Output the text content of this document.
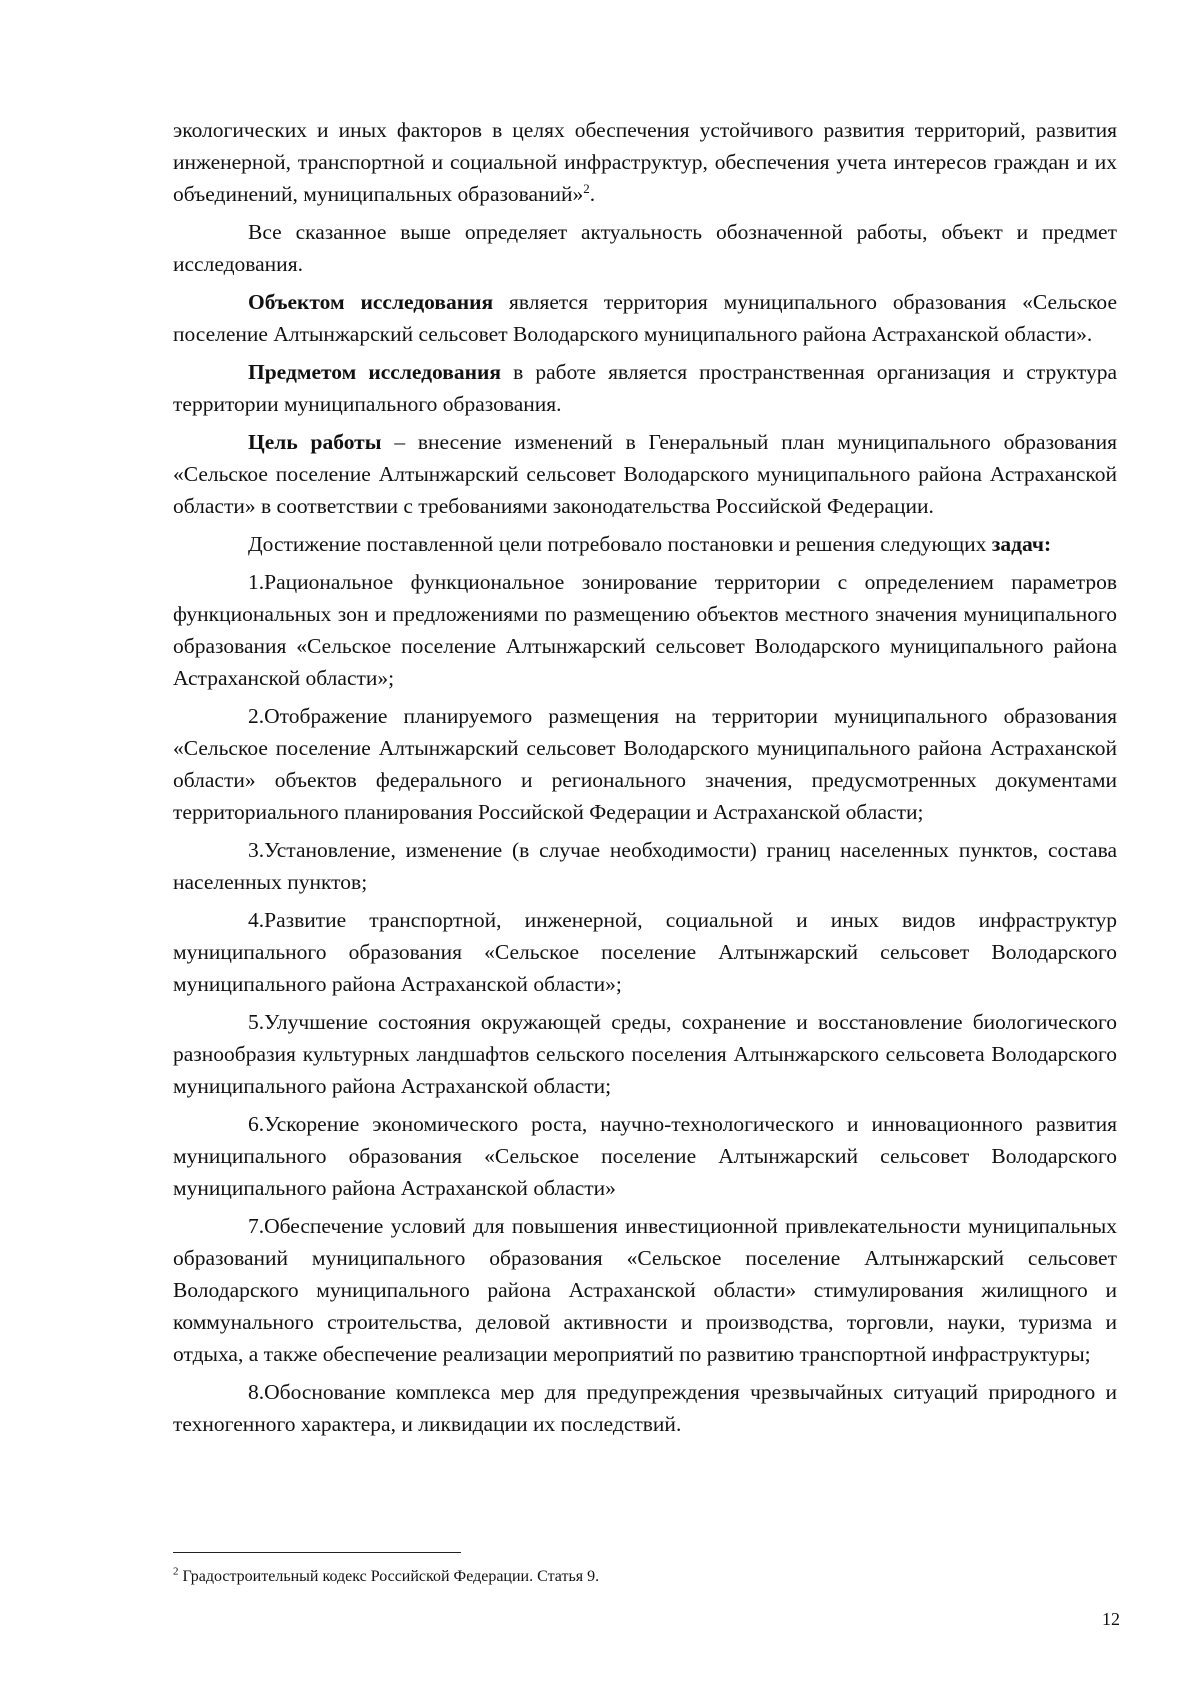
экологических и иных факторов в целях обеспечения устойчивого развития территорий, развития инженерной, транспортной и социальной инфраструктур, обеспечения учета интересов граждан и их объединений, муниципальных образований»$^2$.

Все сказанное выше определяет актуальность обозначенной работы, объект и предмет исследования.

Объектом исследования является территория муниципального образования «Сельское поселение Алтынжарский сельсовет Володарского муниципального района Астраханской области».

Предметом исследования в работе является пространственная организация и структура территории муниципального образования.

Цель работы – внесение изменений в Генеральный план муниципального образования «Сельское поселение Алтынжарский сельсовет Володарского муниципального района Астраханской области» в соответствии с требованиями законодательства Российской Федерации.

Достижение поставленной цели потребовало постановки и решения следующих задач:

1.Рациональное функциональное зонирование территории с определением параметров функциональных зон и предложениями по размещению объектов местного значения муниципального образования «Сельское поселение Алтынжарский сельсовет Володарского муниципального района Астраханской области»;

2.Отображение планируемого размещения на территории муниципального образования «Сельское поселение Алтынжарский сельсовет Володарского муниципального района Астраханской области» объектов федерального и регионального значения, предусмотренных документами территориального планирования Российской Федерации и Астраханской области;

3.Установление, изменение (в случае необходимости) границ населенных пунктов, состава населенных пунктов;

4.Развитие транспортной, инженерной, социальной и иных видов инфраструктур муниципального образования «Сельское поселение Алтынжарский сельсовет Володарского муниципального района Астраханской области»;

5.Улучшение состояния окружающей среды, сохранение и восстановление биологического разнообразия культурных ландшафтов сельского поселения Алтынжарского сельсовета Володарского муниципального района Астраханской области;

6.Ускорение экономического роста, научно-технологического и инновационного развития муниципального образования «Сельское поселение Алтынжарский сельсовет Володарского муниципального района Астраханской области»

7.Обеспечение условий для повышения инвестиционной привлекательности муниципальных образований муниципального образования «Сельское поселение Алтынжарский сельсовет Володарского муниципального района Астраханской области» стимулирования жилищного и коммунального строительства, деловой активности и производства, торговли, науки, туризма и отдыха, а также обеспечение реализации мероприятий по развитию транспортной инфраструктуры;

8.Обоснование комплекса мер для предупреждения чрезвычайных ситуаций природного и техногенного характера, и ликвидации их последствий.

$^2$ Градостроительный кодекс Российской Федерации. Статья 9.
12
